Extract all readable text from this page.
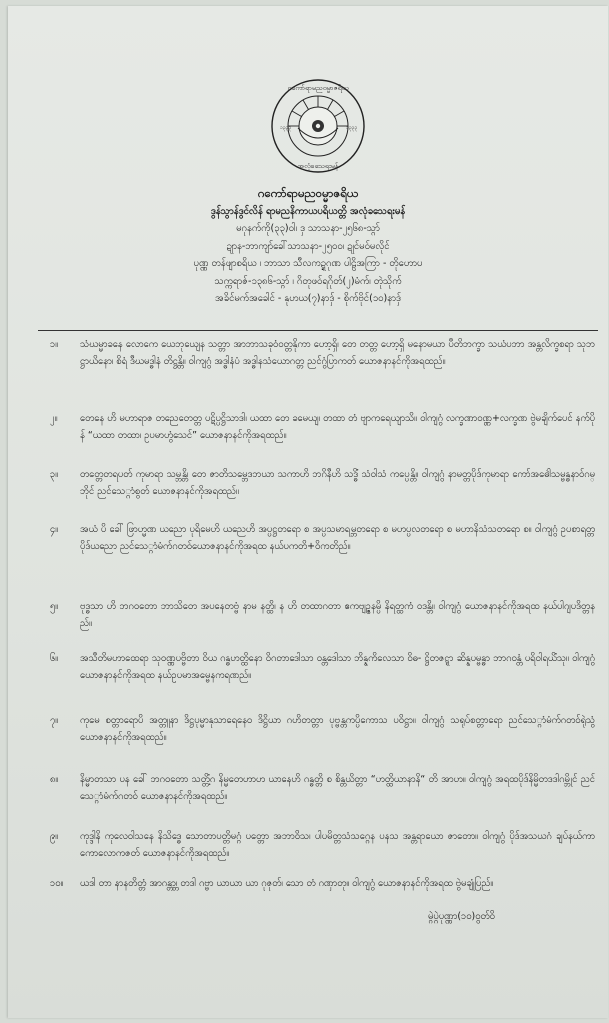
ဂကော်ရာမညဝမ္မာဇရိယ
အလုံခသေရးမန်
၁၃၃၃	၁၃၃၃
ဂကော်ရာမညဝမ္မာဇရိယ
ဒွန်သွာန်ဒွင်လိန် ရာမညနိကာယပရိယတ္တိ အလုံခသေရးမန်
မဂုနက်ကို(၃၃)ဝါ၊ ဒှ သာသနာ-၂၅၆၈-သ္ဂာ်
ဍုာန-ဘာကျာ်ခေါ်သာသနာ-၂၅၀၀၊ ဍုင်မဝ်မလိုင်
ပုဏ္ဏ တန်ဖျာစရိယ ၊ ဘာသာ သီလကဍ္ဍဂုဏ ပါဠိအကြာ - တိုဟောပ
သက္ကရာဇ်-၁၃၈၆-သ္ဂာ် ၊ ဂိတုဖဝ်ရဂိုတ်(၂)မံက်၊ တုဲသိုက်
အခိင်မက်အခေါင် - နုဟယ(၇)နာဒှ် - စိုက်ဗိုင်(၁၀)နာဒှ်
၁။ သံဃမ္မာခနေ လောကေ ယေဘုယျေန သတ္တာ အာဘာသခုဝံဝတ္တနိုကာ ဟော့ရှိ၊ တေ တတ္တ ဟော့ရှိ မနောမယာ ပီတိဘက္ခာ သယံပဘာ အန္တလိက္ခစရာ သုဘဋ္ဌာယိနော၊ စိရံ ဒီဃမဒ္ဓါနံ တိဋ္ဌန္တိ။ ဝါကျဂွံ အဒ္ဓါနံပံ အဒ္ဓါနသံယောဂတ္တ ညင်ဂွံပြာကတ် ယောဇနာနင်ကိုအရထည်။
၂။ တေနေ ဟိ မဟာရာဇ တညေတေတ္တ ပဋိပ္ပဋ္ဌိသာဒါ၊ ယထာ တေ ခမေယျ၊ တထာ တံ ဗျာကရေယျာသိ။ ဝါကျဂွံ လက္ခဏာဝဏ္ဏ+လက္ခဏ ဗွဲမချိက်ပေင် နက်ပိုန် “ယထာ တထာ၊ ဥပမာဟွံသေင်” ယောဇနာနင်ကိုအရထည်။
၃။ တတ္တေတရပတ် ကုမာရာ သမ္ဘန္တိ၊ တေ ဇာတိသမ္ဘေဒဘယာ သကာဟိ ဘဂိနီဟိ သဒ္ဓိံ သံဝါသံ ကပ္ပေန္တိ။ ဝါကျဂွံ နာမတ္တပိုဒ်ကုမာရာ ကော်အဓေါဲသမ္ဗန္ဓနာဝ်ဂမ္ဘိုင် ညင်သေ္ဂာံစွတ် ယောဇနာနင်ကိုအရထည်။
၄။ အယံ ပိ ခေါ် ဖြာဟ္မဏ ယညော ပုရိမေဟိ ယညေဟိ အပ္ပဋ္ဌတရော စ အပ္ပသမာရမ္ဘတရော စ မဟပ္ပလတရော စ မဟာနိသံသတရော စ။ ဝါကျဂွံ ဥပစာရတ္တပိုဒ်ယညော ညင်သေ္ဂာံမံက်ဂတဝ်ယောဇနာနင်ကိုအရထ နယ်ပကတိ+ဝိကတိည်။
၅။ ဗုဒ္ဓသာ ဟိ ဘဂဝတော ဘာသိတေ အပနေတဗ္ဗံ နာမ နတ္ထိ၊ န ဟိ တထာဂတာ ဧကဗျဉ္ဇနမ္ပိ နိရတ္ထကံ ဝဒန္တိ။ ဝါကျဂွံ ယောဇနာနင်ကိုအရထ နယ်ပါဂျပဒိတ္တနည်။
၆။ အသီတိမဟာထေရာ သုဝဏ္ဏပဗ္ဗိတာ ဝိယ ဂန္ဓဟတ္ထိနော ဝိဂတာဒေါသာ ဝန္တဒေါသာ ဘိန္နကိလေသာ ဝိဓ- ဋ္ဌိတဇဋ္ဋာ ဆိန္နပမ္ဗန္ဓာ ဘာဂဝန္တံ ပရိဝါရယိံသု။ ဝါကျဂွံ ယောဇနာနင်ကိုအရထ နယ်ဥပမာအမ္ဗေနကရဏည်။
၇။ ကုမေ စတ္တာရောပိ အတ္တူနာ ဒိဋ္ဌပုမ္မာနုသာရေနေဝ ဒိဋ္ဌိယာ ဂဟိတတ္တာ ပုဗ္ဗန္တကပ္ပိကောသ ပဝိဋ္ဌာ။ ဝါကျဂွံ သရုပ်စတ္တာရော ညင်သေ္ဂာံမံက်ဂတဝ်ရုဲသွံ ယောဇနာနင်ကိုအရထည်။
၈။ နိမ္မာတသာ ပန ခေါ် ဘဂဝတော သတ္တိံ့ဂ နိမ္မတေဟာဟ ယာနေဟိ ဂန္ဓတ္တိ စ စိန္တယိတ္တာ “ဟတ္ထိယာနာနိ“ တိ အာဟ။ ဝါကျဂွံ အရထပိုဒ်နိမ္မိတဒဒါဂမ္ဘိုင် ညင်သေ္ဂာံမံက်ဂတဝ် ယောဇနာနင်ကိုအရထည်။
၉။ ကုဒ္ဒါနိ ကုလေဝါသနေ နိသိဒ္ဓေ သောတာပတ္တိမဂ္ဂံ ပတ္တော အဘာဝိသ၊ ပါပမိတ္တသံသဂ္ဂေန ပနသ အန္တရာယော ဇာတော။ ဝါကျဂွံ ပိုဒ်အသယဂံ ချပ်နယ်ကာကောလောကဇတ် ယောဇနာနင်ကိုအရထည်။
၁၀။ ယဒါ တာ နာနတိတ္တံ အာဂန္တ္တာ၊ တဒါ ဂဗ္ဗာ ယာယာ ယာ ဂုဇုတ်၊ သော တံ ဂဏှာတု။ ဝါကျဂွံ ယောဇနာနင်ကိုအရထ ဗွဲမချုံပြည်။
မ္ဂဲပ္ဂဲပုဏ္ဏာ(၁၀)ဝွတ်ဝိ
